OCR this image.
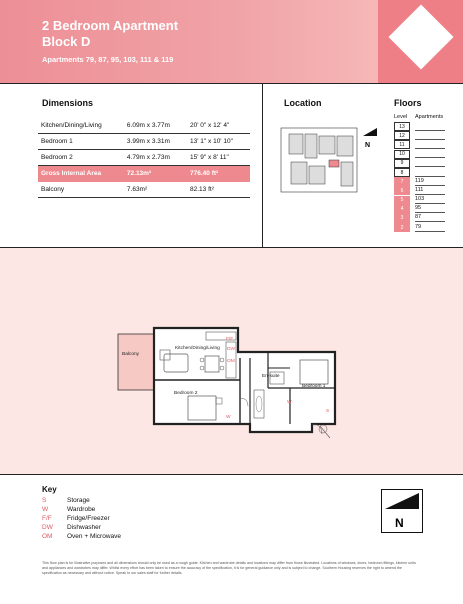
2 Bedroom Apartment
Block D
Apartments 79, 87, 95, 103, 111 & 119
Dimensions
Kitchen/Dining/Living	6.09m x 3.77m	20' 0" x 12' 4"
Bedroom 1	3.99m x 3.31m	13' 1" x 10' 10"
Bedroom 2	4.79m x 2.73m	15' 9" x 8' 11"
Gross Internal Area	72.13m²	776.40 ft²
Balcony	7.63m²	82.13 ft²
Location
N
Floors
Level	Apartments
13
12
11
10
9
8
7	119
6	111
5	103
4	95
3	87
2	79
Balcony
Kitchen/Dining/Living
Bedroom 2
Bedroom 1
En-suite
F/F
DW
OM
W
W
S
Key
S	Storage
W	Wardrobe
F/F	Fridge/Freezer
DW	Dishwasher
OM	Oven + Microwave
N
This floor plan is for illustrative purposes and all dimensions should only be used as a rough guide. Kitchen and wardrobe details and locations may differ from those illustrated. Locations of windows, doors, bedroom fittings, kitchen units and appliances and wardrobes may differ. Whilst every effort has been taken to ensure the accuracy of the specification, it is for general guidance only and is subject to change. Southern Housing reserves the right to amend the specification as necessary and without notice. Speak to our sales staff for further details.
